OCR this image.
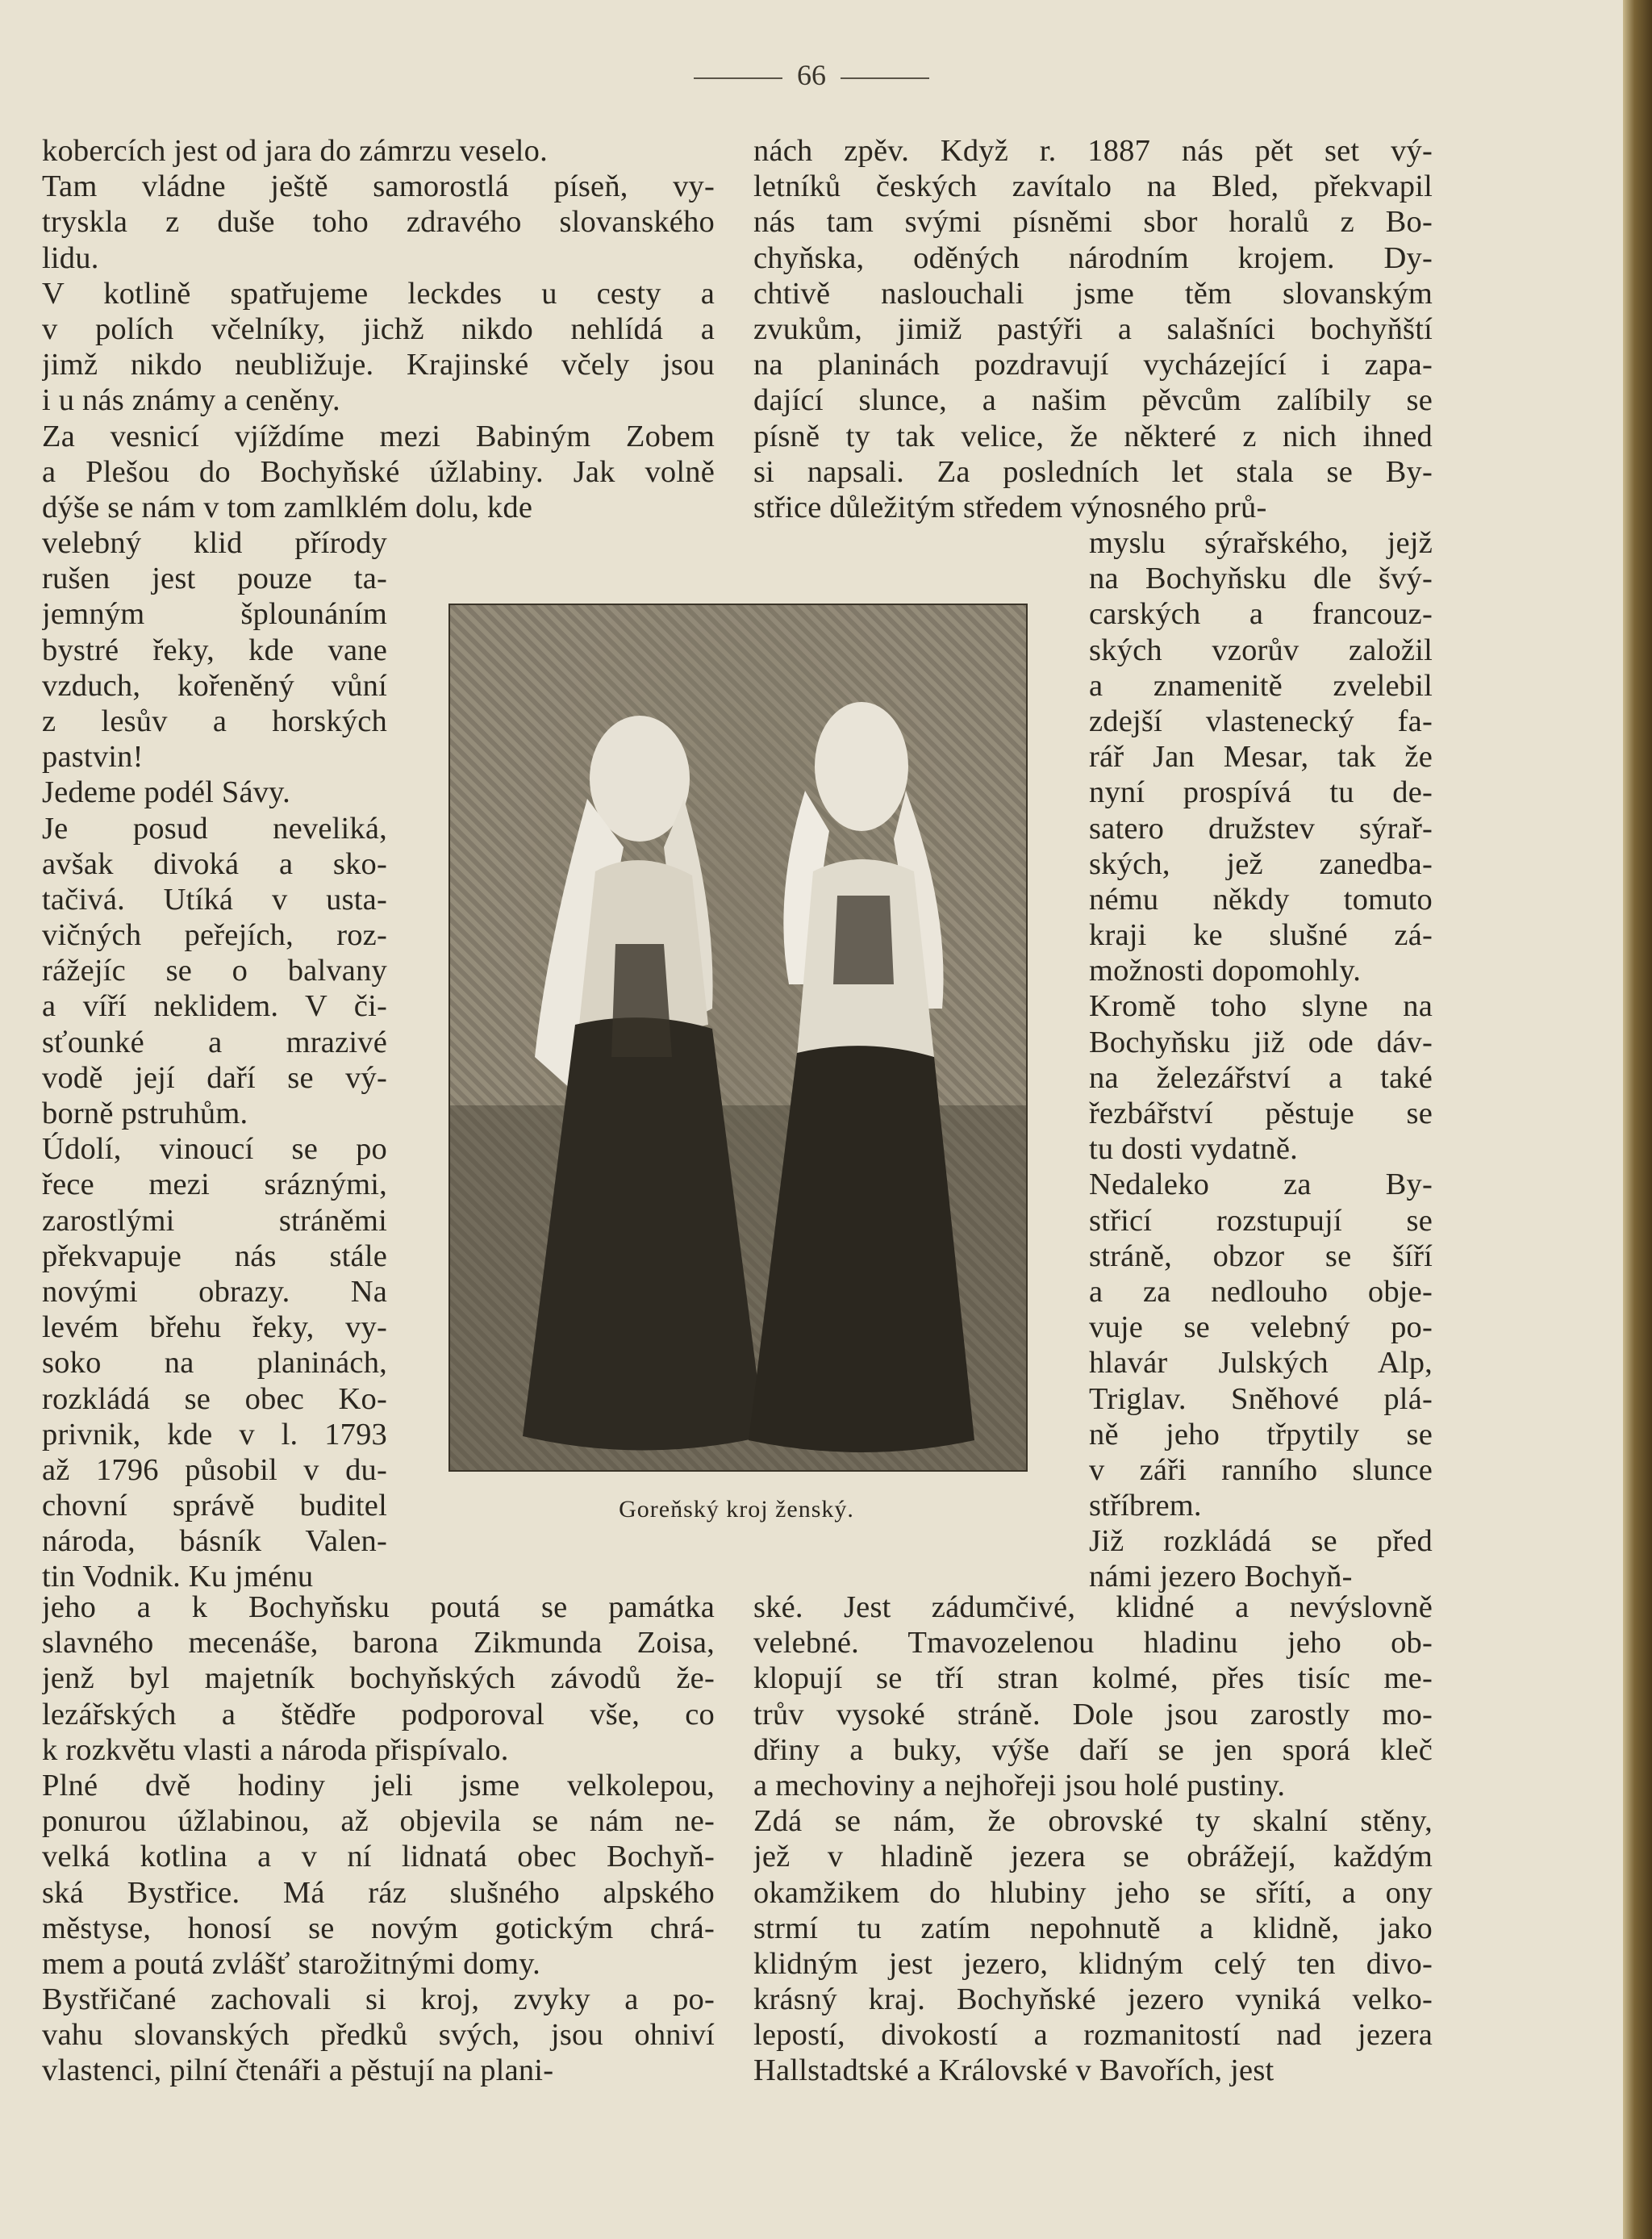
66
kobercích jest od jara do zámrzu veselo.
Tam vládne ještě samorostlá píseň, vy-
tryskla z duše toho zdravého slovanského
lidu.
V kotlině spatřujeme leckdes u cesty a
v polích včelníky, jichž nikdo nehlídá a
jimž nikdo neubližuje. Krajinské včely jsou
i u nás známy a ceněny.
Za vesnicí vjíždíme mezi Babiným Zobem
a Plešou do Bochyňské úžlabiny. Jak volně
dýše se nám v tom zamlklém dolu, kde
velebný klid přírody
rušen jest pouze ta-
jemným šplounáním
bystré řeky, kde vane
vzduch, kořeněný vůní
z lesův a horských
pastvin!
Jedeme podél Sávy.
Je posud neveliká,
avšak divoká a sko-
tačivá. Utíká v usta-
vičných peřejích, roz-
rážejíc se o balvany
a víří neklidem. V či-
sťounké a mrazivé
vodě její daří se vý-
borně pstruhům.
Údolí, vinoucí se po
řece mezi sráznými,
zarostlými stráněmi
překvapuje nás stále
novými obrazy. Na
levém břehu řeky, vy-
soko na planinách,
rozkládá se obec Ko-
privnik, kde v l. 1793
až 1796 působil v du-
chovní správě buditel
národa, básník Valen-
tin Vodnik. Ku jménu
jeho a k Bochyňsku poutá se památka
slavného mecenáše, barona Zikmunda Zoisa,
jenž byl majetník bochyňských závodů že-
lezářských a štědře podporoval vše, co
k rozkvětu vlasti a národa přispívalo.
Plné dvě hodiny jeli jsme velkolepou,
ponurou úžlabinou, až objevila se nám ne-
velká kotlina a v ní lidnatá obec Bochyň-
ská Bystřice. Má ráz slušného alpského
městyse, honosí se novým gotickým chrá-
mem a poutá zvlášť starožitnými domy.
Bystřičané zachovali si kroj, zvyky a po-
vahu slovanských předků svých, jsou ohniví
vlastenci, pilní čtenáři a pěstují na plani-
nách zpěv. Když r. 1887 nás pět set vý-
letníků českých zavítalo na Bled, překvapil
nás tam svými písněmi sbor horalů z Bo-
chyňska, oděných národním krojem. Dy-
chtivě naslouchali jsme těm slovanským
zvukům, jimiž pastýři a salašníci bochyňští
na planinách pozdravují vycházející i zapa-
dající slunce, a našim pěvcům zalíbily se
písně ty tak velice, že některé z nich ihned
si napsali. Za posledních let stala se By-
střice důležitým středem výnosného prů-
myslu sýrařského, jejž
na Bochyňsku dle švý-
carských a francouz-
ských vzorův založil
a znamenitě zvelebil
zdejší vlastenecký fa-
rář Jan Mesar, tak že
nyní prospívá tu de-
satero družstev sýrař-
ských, jež zanedba-
nému někdy tomuto
kraji ke slušné zá-
možnosti dopomohly.
Kromě toho slyne na
Bochyňsku již ode dáv-
na železářství a také
řezbářství pěstuje se
tu dosti vydatně.
Nedaleko za By-
střicí rozstupují se
stráně, obzor se šíří
a za nedlouho obje-
vuje se velebný po-
hlavár Julských Alp,
Triglav. Sněhové plá-
ně jeho třpytily se
v záři ranního slunce
stříbrem.
Již rozkládá se před
námi jezero Bochyň-
ské. Jest zádumčivé, klidné a nevýslovně
velebné. Tmavozelenou hladinu jeho ob-
klopují se tří stran kolmé, přes tisíc me-
trův vysoké stráně. Dole jsou zarostly mo-
dřiny a buky, výše daří se jen sporá kleč
a mechoviny a nejhořeji jsou holé pustiny.
Zdá se nám, že obrovské ty skalní stěny,
jež v hladině jezera se obrážejí, každým
okamžikem do hlubiny jeho se sřítí, a ony
strmí tu zatím nepohnutě a klidně, jako
klidným jest jezero, klidným celý ten divo-
krásný kraj. Bochyňské jezero vyniká velko-
lepostí, divokostí a rozmanitostí nad jezera
Hallstadtské a Královské v Bavořích, jest
Goreňský kroj ženský.
